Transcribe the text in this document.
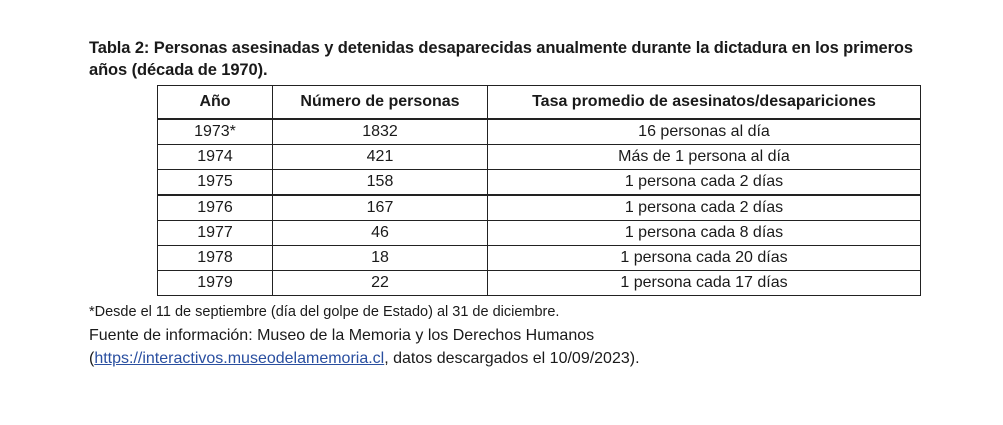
Tabla 2: Personas asesinadas y detenidas desaparecidas anualmente durante la dictadura en los primeros
años (década de 1970).
Año	Número de personas	Tasa promedio de asesinatos/desapariciones
1973*	1832	16 personas al día
1974	421	Más de 1 persona al día
1975	158	1 persona cada 2 días
1976	167	1 persona cada 2 días
1977	46	1 persona cada 8 días
1978	18	1 persona cada 20 días
1979	22	1 persona cada 17 días
*Desde el 11 de septiembre (día del golpe de Estado) al 31 de diciembre.
Fuente de información: Museo de la Memoria y los Derechos Humanos
(https://interactivos.museodelamemoria.cl, datos descargados el 10/09/2023).
